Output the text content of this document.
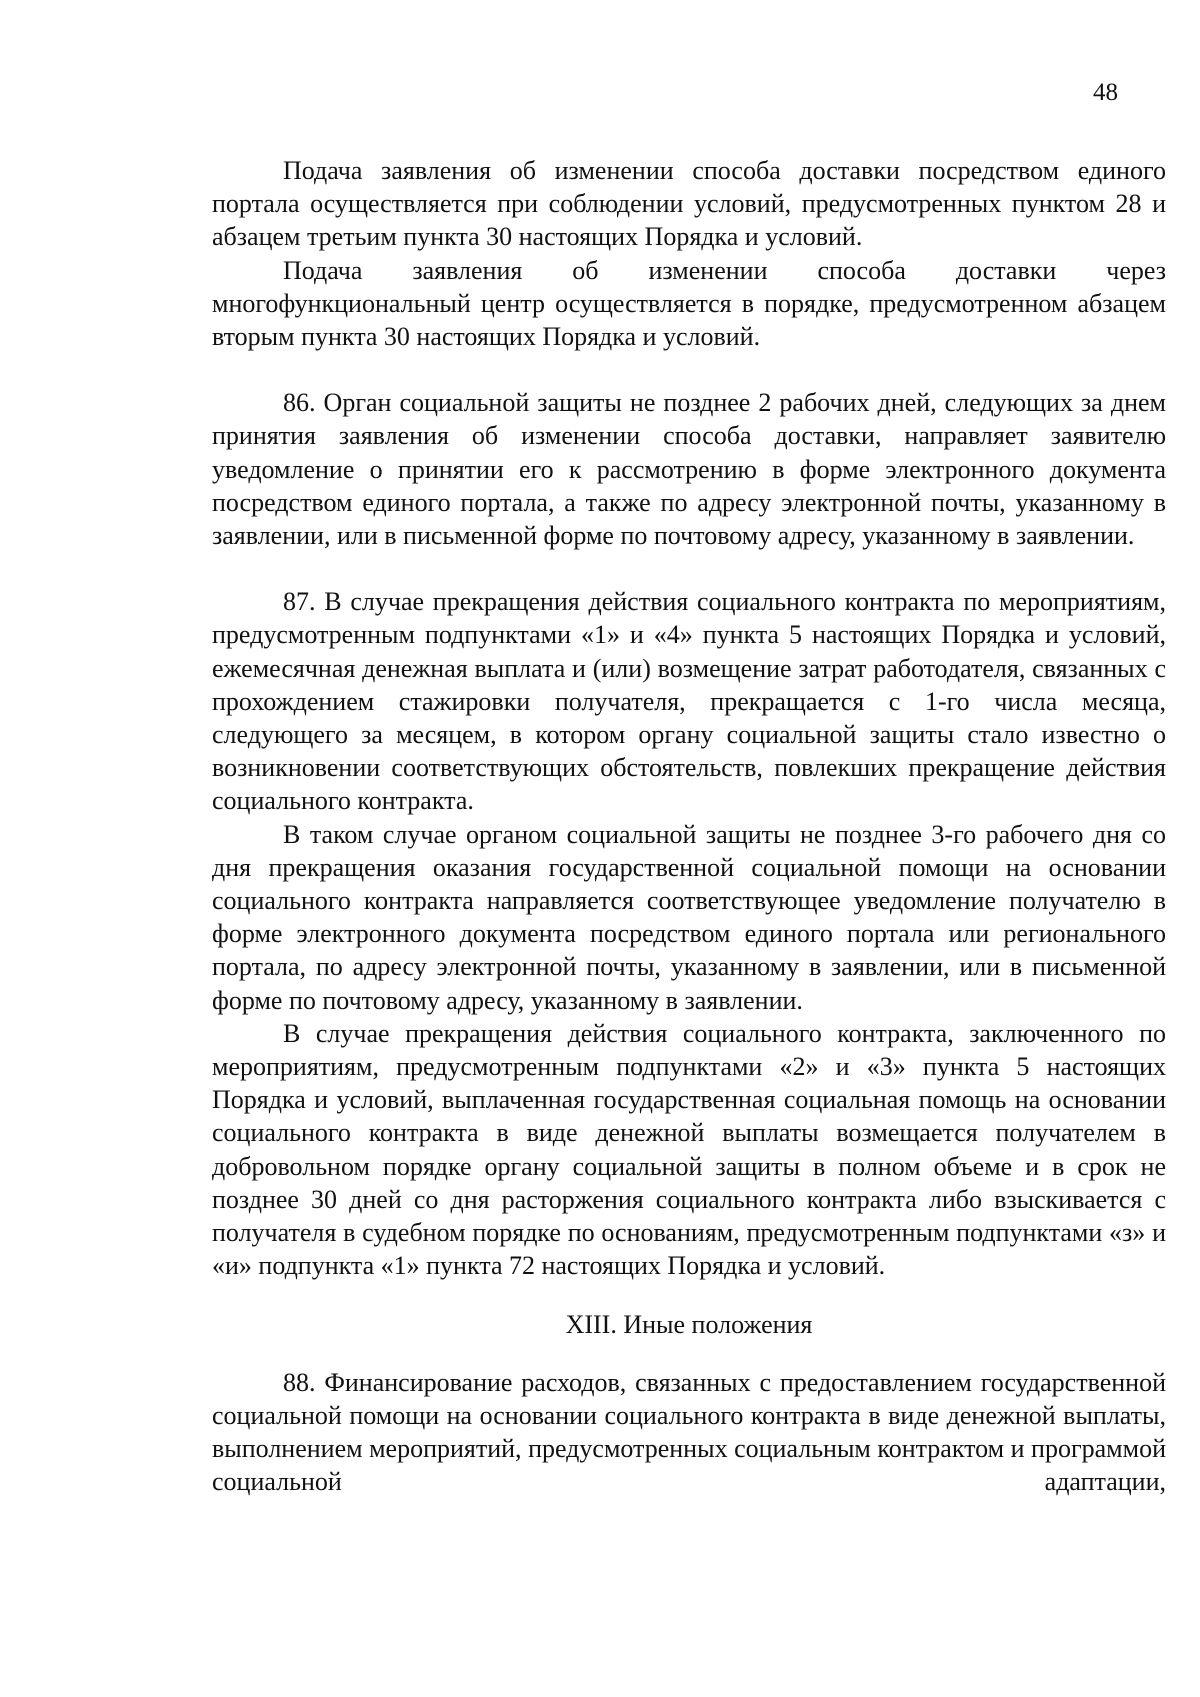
48

Подача заявления об изменении способа доставки посредством единого портала осуществляется при соблюдении условий, предусмотренных пунктом 28 и абзацем третьим пункта 30 настоящих Порядка и условий.

Подача заявления об изменении способа доставки через многофункциональный центр осуществляется в порядке, предусмотренном абзацем вторым пункта 30 настоящих Порядка и условий.

86. Орган социальной защиты не позднее 2 рабочих дней, следующих за днем принятия заявления об изменении способа доставки, направляет заявителю уведомление о принятии его к рассмотрению в форме электронного документа посредством единого портала, а также по адресу электронной почты, указанному в заявлении, или в письменной форме по почтовому адресу, указанному в заявлении.

87. В случае прекращения действия социального контракта по мероприятиям, предусмотренным подпунктами «1» и «4» пункта 5 настоящих Порядка и условий, ежемесячная денежная выплата и (или) возмещение затрат работодателя, связанных с прохождением стажировки получателя, прекращается с 1-го числа месяца, следующего за месяцем, в котором органу социальной защиты стало известно о возникновении соответствующих обстоятельств, повлекших прекращение действия социального контракта.

В таком случае органом социальной защиты не позднее 3-го рабочего дня со дня прекращения оказания государственной социальной помощи на основании социального контракта направляется соответствующее уведомление получателю в форме электронного документа посредством единого портала или регионального портала, по адресу электронной почты, указанному в заявлении, или в письменной форме по почтовому адресу, указанному в заявлении.

В случае прекращения действия социального контракта, заключенного по мероприятиям, предусмотренным подпунктами «2» и «3» пункта 5 настоящих Порядка и условий, выплаченная государственная социальная помощь на основании социального контракта в виде денежной выплаты возмещается получателем в добровольном порядке органу социальной защиты в полном объеме и в срок не позднее 30 дней со дня расторжения социального контракта либо взыскивается с получателя в судебном порядке по основаниям, предусмотренным подпунктами «з» и «и» подпункта «1» пункта 72 настоящих Порядка и условий.

XIII. Иные положения

88. Финансирование расходов, связанных с предоставлением государственной социальной помощи на основании социального контракта в виде денежной выплаты, выполнением мероприятий, предусмотренных социальным контрактом и программой социальной адаптации,
